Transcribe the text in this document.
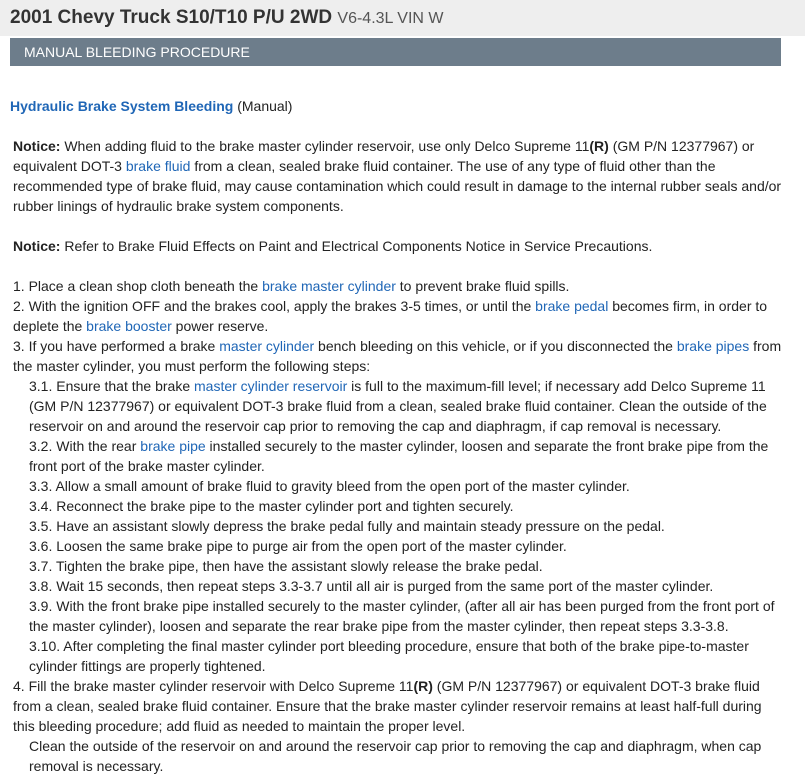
2001 Chevy Truck S10/T10 P/U 2WD V6-4.3L VIN W
MANUAL BLEEDING PROCEDURE

Hydraulic Brake System Bleeding (Manual)

Notice: When adding fluid to the brake master cylinder reservoir, use only Delco Supreme 11(R) (GM P/N 12377967) or equivalent DOT-3 brake fluid from a clean, sealed brake fluid container. The use of any type of fluid other than the recommended type of brake fluid, may cause contamination which could result in damage to the internal rubber seals and/or rubber linings of hydraulic brake system components.

Notice: Refer to Brake Fluid Effects on Paint and Electrical Components Notice in Service Precautions.

1. Place a clean shop cloth beneath the brake master cylinder to prevent brake fluid spills.

2. With the ignition OFF and the brakes cool, apply the brakes 3-5 times, or until the brake pedal becomes firm, in order to deplete the brake booster power reserve.

3. If you have performed a brake master cylinder bench bleeding on this vehicle, or if you disconnected the brake pipes from the master cylinder, you must perform the following steps:

3.1. Ensure that the brake master cylinder reservoir is full to the maximum-fill level; if necessary add Delco Supreme 11 (GM P/N 12377967) or equivalent DOT-3 brake fluid from a clean, sealed brake fluid container. Clean the outside of the reservoir on and around the reservoir cap prior to removing the cap and diaphragm, if cap removal is necessary.

3.2. With the rear brake pipe installed securely to the master cylinder, loosen and separate the front brake pipe from the front port of the brake master cylinder.

3.3. Allow a small amount of brake fluid to gravity bleed from the open port of the master cylinder.

3.4. Reconnect the brake pipe to the master cylinder port and tighten securely.

3.5. Have an assistant slowly depress the brake pedal fully and maintain steady pressure on the pedal.

3.6. Loosen the same brake pipe to purge air from the open port of the master cylinder.

3.7. Tighten the brake pipe, then have the assistant slowly release the brake pedal.

3.8. Wait 15 seconds, then repeat steps 3.3-3.7 until all air is purged from the same port of the master cylinder.

3.9. With the front brake pipe installed securely to the master cylinder, (after all air has been purged from the front port of the master cylinder), loosen and separate the rear brake pipe from the master cylinder, then repeat steps 3.3-3.8.

3.10. After completing the final master cylinder port bleeding procedure, ensure that both of the brake pipe-to-master cylinder fittings are properly tightened.

4. Fill the brake master cylinder reservoir with Delco Supreme 11(R) (GM P/N 12377967) or equivalent DOT-3 brake fluid from a clean, sealed brake fluid container. Ensure that the brake master cylinder reservoir remains at least half-full during this bleeding procedure; add fluid as needed to maintain the proper level.

Clean the outside of the reservoir on and around the reservoir cap prior to removing the cap and diaphragm, when cap removal is necessary.
